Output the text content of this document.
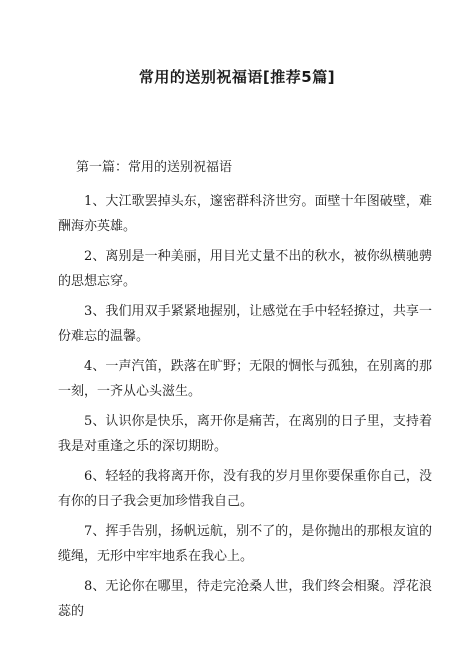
常用的送别祝福语[推荐5篇]

第一篇：常用的送别祝福语

1、大江歌罢掉头东，邃密群科济世穷。面壁十年图破壁，难酬海亦英雄。

2、离别是一种美丽，用目光丈量不出的秋水，被你纵横驰骋的思想忘穿。

3、我们用双手紧紧地握别，让感觉在手中轻轻撩过，共享一份难忘的温馨。

4、一声汽笛，跌落在旷野；无限的惆怅与孤独，在别离的那一刻，一齐从心头滋生。

5、认识你是快乐，离开你是痛苦，在离别的日子里，支持着我是对重逢之乐的深切期盼。

6、轻轻的我将离开你，没有我的岁月里你要保重你自己，没有你的日子我会更加珍惜我自己。

7、挥手告别，扬帆远航，别不了的，是你抛出的那根友谊的缆绳，无形中牢牢地系在我心上。

8、无论你在哪里，待走完沧桑人世，我们终会相聚。浮花浪蕊的
